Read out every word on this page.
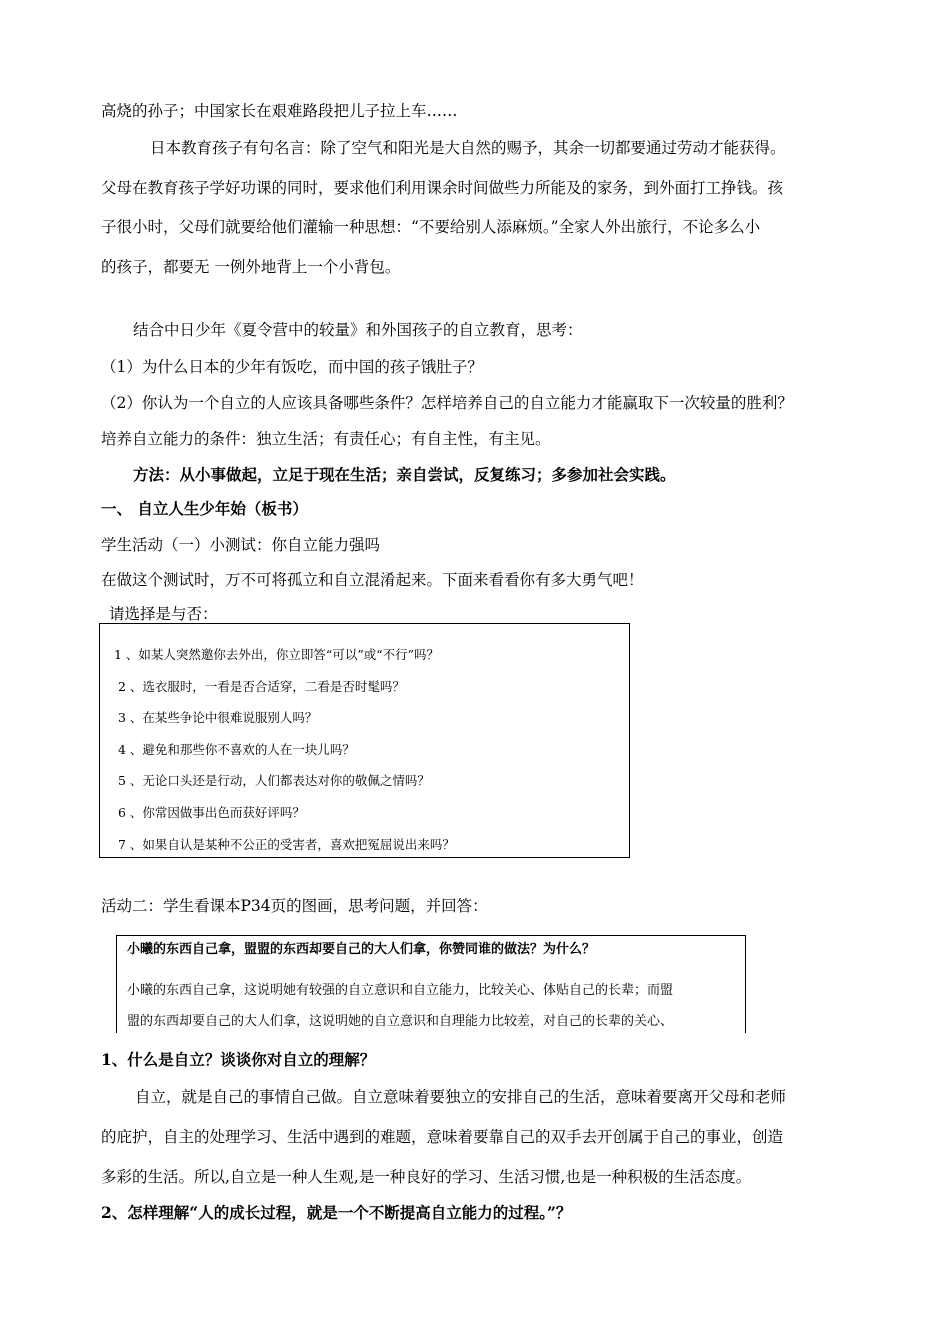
高烧的孙子；中国家长在艰难路段把儿子拉上车……
日本教育孩子有句名言：除了空气和阳光是大自然的赐予，其余一切都要通过劳动才能获得。
父母在教育孩子学好功课的同时，要求他们利用课余时间做些力所能及的家务，到外面打工挣钱。孩
子很小时，父母们就要给他们灌输一种思想：“不要给别人添麻烦。”全家人外出旅行，不论多么小
的孩子，都要无 一例外地背上一个小背包。
结合中日少年《夏令营中的较量》和外国孩子的自立教育，思考：
（1）为什么日本的少年有饭吃，而中国的孩子饿肚子？
（2）你认为一个自立的人应该具备哪些条件？怎样培养自己的自立能力才能赢取下一次较量的胜利？
培养自立能力的条件：独立生活；有责任心；有自主性，有主见。
方法：从小事做起，立足于现在生活；亲自尝试，反复练习；多参加社会实践。
一、 自立人生少年始（板书）
学生活动（一）小测试：你自立能力强吗
在做这个测试时，万不可将孤立和自立混淆起来。下面来看看你有多大勇气吧！
请选择是与否：
1 、如某人突然邀你去外出，你立即答“可以”或“不行”吗？
2 、选衣服时，一看是否合适穿，二看是否时髦吗？
3 、在某些争论中很难说服别人吗？
4 、避免和那些你不喜欢的人在一块儿吗？
5 、无论口头还是行动，人们都表达对你的敬佩之情吗？
6 、你常因做事出色而获好评吗？
7 、如果自认是某种不公正的受害者，喜欢把冤屈说出来吗？
活动二：学生看课本P34页的图画，思考问题，并回答：
小曦的东西自己拿，盟盟的东西却要自己的大人们拿，你赞同谁的做法？为什么？
小曦的东西自己拿，这说明她有较强的自立意识和自立能力，比较关心、体贴自己的长辈；而盟
盟的东西却要自己的大人们拿，这说明她的自立意识和自理能力比较差，对自己的长辈的关心、
1、什么是自立？谈谈你对自立的理解？
自立，就是自己的事情自己做。自立意味着要独立的安排自己的生活，意味着要离开父母和老师
的庇护，自主的处理学习、生活中遇到的难题，意味着要靠自己的双手去开创属于自己的事业，创造
多彩的生活。所以,自立是一种人生观,是一种良好的学习、生活习惯,也是一种积极的生活态度。
2、怎样理解“人的成长过程，就是一个不断提高自立能力的过程。”？
